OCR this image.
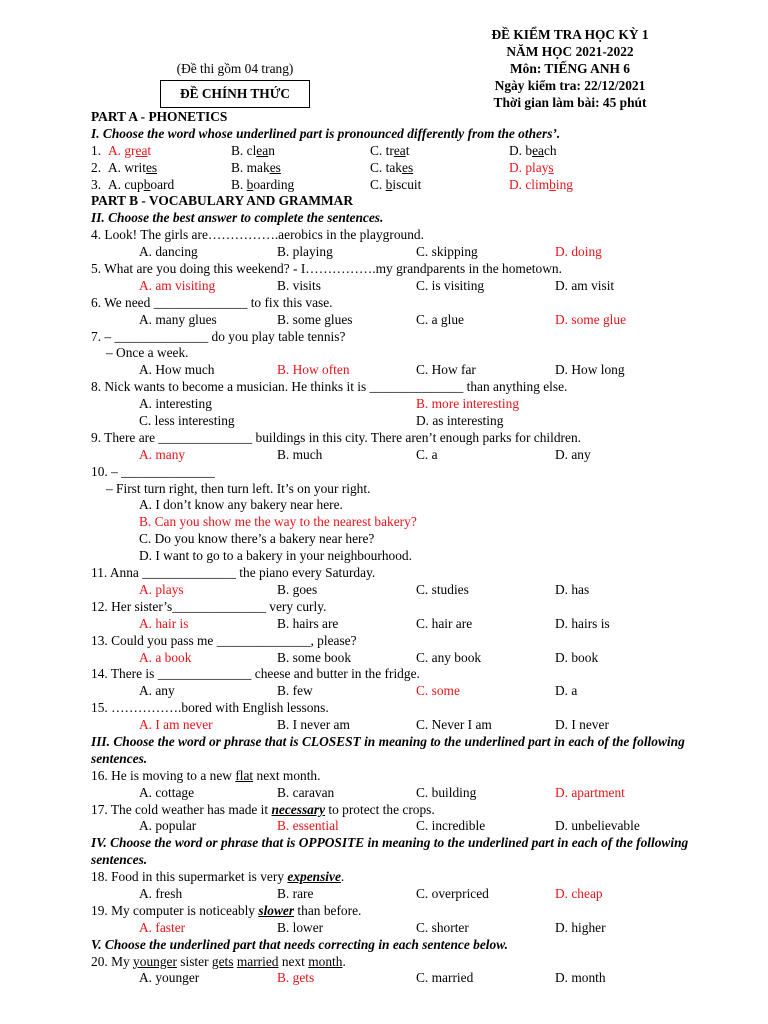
ĐỀ KIỂM TRA HỌC KỲ 1
NĂM HỌC 2021-2022
Môn: TIẾNG ANH 6
Ngày kiểm tra: 22/12/2021
Thời gian làm bài: 45 phút
(Đề thi gồm 04 trang)
ĐỀ CHÍNH THỨC
PART A - PHONETICS
I. Choose the word whose underlined part is pronounced differently from the others’.
1. A. great	B. clean	C. treat	D. beach
2. A. writes	B. makes	C. takes	D. plays
3. A. cupboard	B. boarding	C. biscuit	D. climbing
PART B - VOCABULARY AND GRAMMAR
II. Choose the best answer to complete the sentences.
4. Look! The girls are…………….aerobics in the playground.
A. dancing	B. playing	C. skipping	D. doing
5. What are you doing this weekend? - I…………….my grandparents in the hometown.
A. am visiting	B. visits	C. is visiting	D. am visit
6. We need ______________ to fix this vase.
A. many glues	B. some glues	C. a glue	D. some glue
7. – ______________ do you play table tennis?
– Once a week.
A. How much	B. How often	C. How far	D. How long
8. Nick wants to become a musician. He thinks it is ______________ than anything else.
A. interesting	B. more interesting
C. less interesting	D. as interesting
9. There are ______________ buildings in this city. There aren’t enough parks for children.
A. many	B. much	C. a	D. any
10. – ______________
– First turn right, then turn left. It’s on your right.
A. I don’t know any bakery near here.
B. Can you show me the way to the nearest bakery?
C. Do you know there’s a bakery near here?
D. I want to go to a bakery in your neighbourhood.
11. Anna ______________ the piano every Saturday.
A. plays	B. goes	C. studies	D. has
12. Her sister’s______________ very curly.
A. hair is	B. hairs are	C. hair are	D. hairs is
13. Could you pass me ______________, please?
A. a book	B. some book	C. any book	D. book
14. There is ______________ cheese and butter in the fridge.
A. any	B. few	C. some	D. a
15. …………….bored with English lessons.
A. I am never	B. I never am	C. Never I am	D. I never
III. Choose the word or phrase that is CLOSEST in meaning to the underlined part in each of the following sentences.
16. He is moving to a new flat next month.
A. cottage	B. caravan	C. building	D. apartment
17. The cold weather has made it necessary to protect the crops.
A. popular	B. essential	C. incredible	D. unbelievable
IV. Choose the word or phrase that is OPPOSITE in meaning to the underlined part in each of the following sentences.
18. Food in this supermarket is very expensive.
A. fresh	B. rare	C. overpriced	D. cheap
19. My computer is noticeably slower than before.
A. faster	B. lower	C. shorter	D. higher
V. Choose the underlined part that needs correcting in each sentence below.
20. My younger sister gets married next month.
A. younger	B. gets	C. married	D. month
